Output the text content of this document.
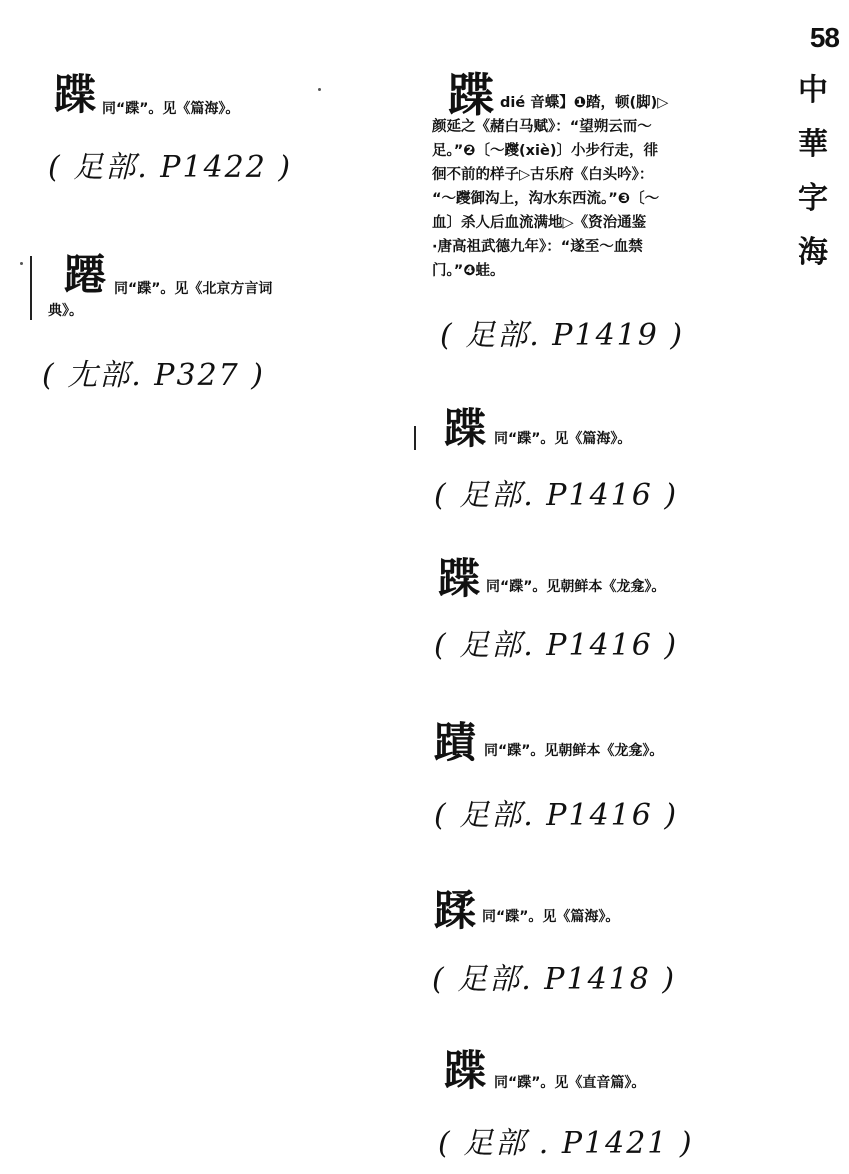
58
中
華
字
海
蹀 同“蹀”。见《篇海》。
( 足部. P1422 )
蹮 同“蹀”。见《北京方言词
典》。
( 尢部. P327 )
蹀 dié 音蝶】❶踏，顿(脚)▷
颜延之《赭白马赋》：“望朔云而～
足。”❷〔～躞(xiè)〕小步行走，徘
徊不前的样子▷古乐府《白头吟》：
“～躞御沟上，沟水东西流。”❸〔～
血〕杀人后血流满地▷《资治通鉴
·唐高祖武德九年》：“遂至～血禁
门。”❹蛙。
( 足部. P1419 )
蹀 同“蹀”。见《篇海》。
( 足部. P1416 )
蹀 同“蹀”。见朝鲜本《龙龛》。
( 足部. P1416 )
蹟 同“蹀”。见朝鲜本《龙龛》。
( 足部. P1416 )
蹂 同“蹀”。见《篇海》。
( 足部. P1418 )
蹀 同“蹀”。见《直音篇》。
( 足部 . P1421 )
